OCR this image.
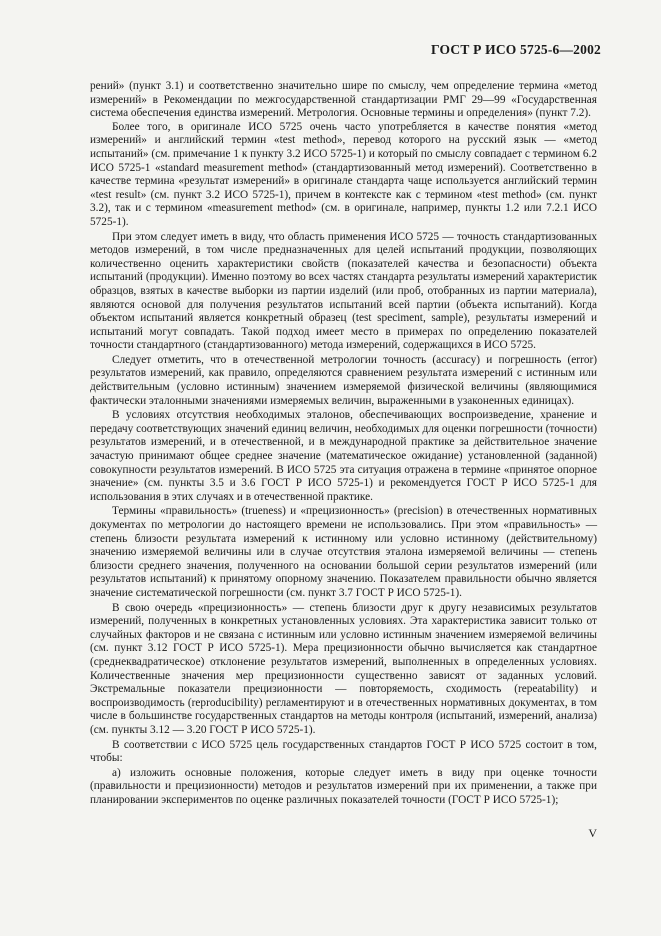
ГОСТ Р ИСО 5725-6—2002

рений» (пункт 3.1) и соответственно значительно шире по смыслу, чем определение термина «метод измерений» в Рекомендации по межгосударственной стандартизации РМГ 29—99 «Государственная система обеспечения единства измерений. Метрология. Основные термины и определения» (пункт 7.2).

Более того, в оригинале ИСО 5725 очень часто употребляется в качестве понятия «метод измерений» и английский термин «test method», перевод которого на русский язык — «метод испытаний» (см. примечание 1 к пункту 3.2 ИСО 5725-1) и который по смыслу совпадает с термином 6.2 ИСО 5725-1 «standard measurement method» (стандартизованный метод измерений). Соответственно в качестве термина «результат измерений» в оригинале стандарта чаще используется английский термин «test result» (см. пункт 3.2 ИСО 5725-1), причем в контексте как с термином «test method» (см. пункт 3.2), так и с термином «measurement method» (см. в оригинале, например, пункты 1.2 или 7.2.1 ИСО 5725-1).

При этом следует иметь в виду, что область применения ИСО 5725 — точность стандартизованных методов измерений, в том числе предназначенных для целей испытаний продукции, позволяющих количественно оценить характеристики свойств (показателей качества и безопасности) объекта испытаний (продукции). Именно поэтому во всех частях стандарта результаты измерений характеристик образцов, взятых в качестве выборки из партии изделий (или проб, отобранных из партии материала), являются основой для получения результатов испытаний всей партии (объекта испытаний). Когда объектом испытаний является конкретный образец (test speciment, sample), результаты измерений и испытаний могут совпадать. Такой подход имеет место в примерах по определению показателей точности стандартного (стандартизованного) метода измерений, содержащихся в ИСО 5725.

Следует отметить, что в отечественной метрологии точность (accuracy) и погрешность (error) результатов измерений, как правило, определяются сравнением результата измерений с истинным или действительным (условно истинным) значением измеряемой физической величины (являющимися фактически эталонными значениями измеряемых величин, выраженными в узаконенных единицах).

В условиях отсутствия необходимых эталонов, обеспечивающих воспроизведение, хранение и передачу соответствующих значений единиц величин, необходимых для оценки погрешности (точности) результатов измерений, и в отечественной, и в международной практике за действительное значение зачастую принимают общее среднее значение (математическое ожидание) установленной (заданной) совокупности результатов измерений. В ИСО 5725 эта ситуация отражена в термине «принятое опорное значение» (см. пункты 3.5 и 3.6 ГОСТ Р ИСО 5725-1) и рекомендуется ГОСТ Р ИСО 5725-1 для использования в этих случаях и в отечественной практике.

Термины «правильность» (trueness) и «прецизионность» (precision) в отечественных нормативных документах по метрологии до настоящего времени не использовались. При этом «правильность» — степень близости результата измерений к истинному или условно истинному (действительному) значению измеряемой величины или в случае отсутствия эталона измеряемой величины — степень близости среднего значения, полученного на основании большой серии результатов измерений (или результатов испытаний) к принятому опорному значению. Показателем правильности обычно является значение систематической погрешности (см. пункт 3.7 ГОСТ Р ИСО 5725-1).

В свою очередь «прецизионность» — степень близости друг к другу независимых результатов измерений, полученных в конкретных установленных условиях. Эта характеристика зависит только от случайных факторов и не связана с истинным или условно истинным значением измеряемой величины (см. пункт 3.12 ГОСТ Р ИСО 5725-1). Мера прецизионности обычно вычисляется как стандартное (среднеквадратическое) отклонение результатов измерений, выполненных в определенных условиях. Количественные значения мер прецизионности существенно зависят от заданных условий. Экстремальные показатели прецизионности — повторяемость, сходимость (repeatability) и воспроизводимость (reproducibility) регламентируют и в отечественных нормативных документах, в том числе в большинстве государственных стандартов на методы контроля (испытаний, измерений, анализа) (см. пункты 3.12 — 3.20 ГОСТ Р ИСО 5725-1).

В соответствии с ИСО 5725 цель государственных стандартов ГОСТ Р ИСО 5725 состоит в том, чтобы:

а) изложить основные положения, которые следует иметь в виду при оценке точности (правильности и прецизионности) методов и результатов измерений при их применении, а также при планировании экспериментов по оценке различных показателей точности (ГОСТ Р ИСО 5725-1);

V
